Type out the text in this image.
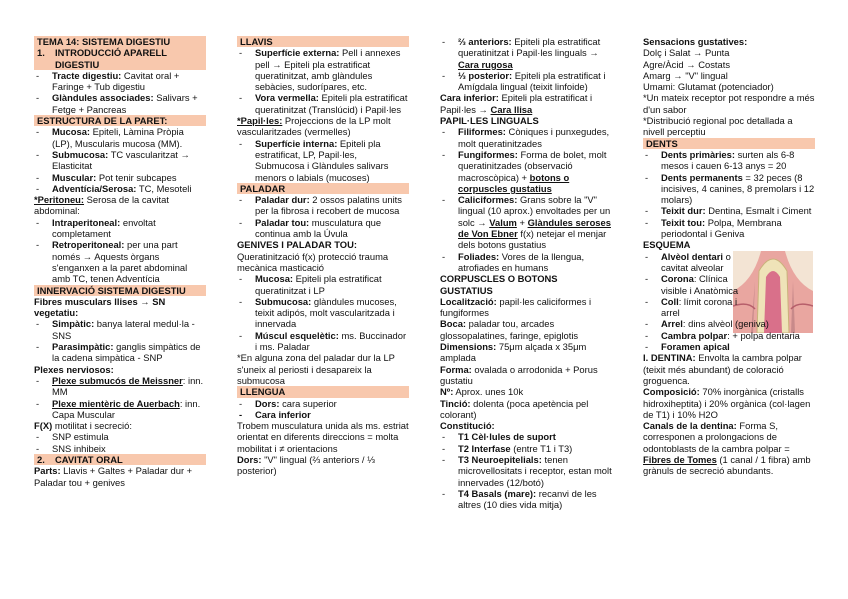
TEMA 14: SISTEMA DIGESTIU
1.	INTRODUCCIÓ APARELL DIGESTIU
- Tracte digestiu: Cavitat oral + Faringe + Tub digestiu
- Glàndules associades: Salivars + Fetge + Pancreas
ESTRUCTURA DE LA PARET:
- Mucosa: Epiteli, Làmina Pròpia (LP), Muscularis mucosa (MM).
- Submucosa: TC vascularitzat → Elasticitat
- Muscular: Pot tenir subcapes
- Adventícia/Serosa: TC, Mesoteli
*Peritoneu: Serosa de la cavitat abdominal:
- Intraperitoneal: envoltat completament
- Retroperitoneal: per una part només → Aquests òrgans s'enganxen a la paret abdominal amb TC, tenen Adventícia
INNERVACIÓ SISTEMA DIGESTIU
Fibres musculars llises → SN vegetatiu:
- Simpàtic: banya lateral medul·la - SNS
- Parasimpàtic: ganglis simpàtics de la cadena simpàtica - SNP
Plexes nerviosos:
- Plexe submucós de Meissner: inn. MM
- Plexe mientèric de Auerbach: inn. Capa Muscular
F(X) motilitat i secreció:
- SNP estimula
- SNS inhibeix
2.	CAVITAT ORAL
Parts: Llavis + Galtes + Paladar dur + Paladar tou + genives
LLAVIS
- Superfície externa: Pell i annexes pell → Epiteli pla estratificat queratinitzat, amb glàndules sebàcies, sudorípares, etc.
- Vora vermella: Epiteli pla estratificat queratinitzat (Translúcid) i Papil·les
*Papil·les: Projeccions de la LP molt vascularitzades (vermelles)
- Superfície interna: Epiteli pla estratificat, LP, Papil·les, Submucosa i Glàndules salivars menors o labials (mucoses)
PALADAR
- Paladar dur: 2 ossos palatins units per la fibrosa i recobert de mucosa
- Paladar tou: musculatura que continua amb la Úvula
GENIVES I PALADAR TOU:
Queratinització f(x) protecció trauma mecànica masticació
- Mucosa: Epiteli pla estratificat queratinitzat i LP
- Submucosa: glàndules mucoses, teixit adipós, molt vascularitzada i innervada
- Múscul esquelètic: ms. Buccinador i ms. Paladar
*En alguna zona del paladar dur la LP s'uneix al periosti i desapareix la submucosa
LLENGUA
- Dors: cara superior
- Cara inferior
Trobem musculatura unida als ms. estriat orientat en diferents direccions = molta mobilitat i ≠ orientacions
Dors: "V" lingual (⅔ anteriors / ⅓ posterior)
- ⅔ anteriors: Epiteli pla estratificat queratinitzat i Papil·les linguals → Cara rugosa
- ⅓ posterior: Epiteli pla estratificat i Amígdala lingual (teixit linfoide)
Cara inferior: Epiteli pla estratificat i Papil·les → Cara llisa
PAPIL·LES LINGUALS
- Filiformes: Còniques i punxegudes, molt queratinitzades
- Fungiformes: Forma de bolet, molt queratinitzades (observació macroscòpica) + botons o corpuscles gustatius
- Caliciformes: Grans sobre la "V" lingual (10 aprox.) envoltades per un solc → Valum + Glàndules seroses de Von Ebner f(x) netejar el menjar dels botons gustatius
- Foliades: Vores de la llengua, atrofiades en humans
CORPUSCLES O BOTONS GUSTATIUS
Localització: papil·les caliciformes i fungiformes
Boca: paladar tou, arcades glossopalatines, faringe, epiglotis
Dimensions: 75μm alçada x 35μm amplada
Forma: ovalada o arrodonida + Porus gustatiu
Nº: Aprox. unes 10k
Tinció: dolenta (poca apetència pel colorant)
Constitució:
- T1 Cèl·lules de suport
- T2 Interfase (entre T1 i T3)
- T3 Neuroepitelials: tenen microvellositats i receptor, estan molt innervades (12/botó)
- T4 Basals (mare): recanvi de les altres (10 dies vida mitja)
Sensacions gustatives:
Dolç i Salat → Punta
Agre/Àcid → Costats
Amarg → "V" lingual
Umami: Glutamat (potenciador)
*Un mateix receptor pot respondre a més d'un sabor
*Distribució regional poc detallada a nivell perceptiu
DENTS
- Dents primàries: surten als 6-8 mesos i cauen 6-13 anys = 20
- Dents permanents = 32 peces (8 incisives, 4 canines, 8 premolars i 12 molars)
- Teixit dur: Dentina, Esmalt i Ciment
- Teixit tou: Polpa, Membrana periodontal i Geniva
ESQUEMA
- Alvèol dentari o cavitat alveolar
- Corona: Clínica visible i Anatòmica
- Coll: límit corona i arrel
- Arrel: dins alvèol (geniva)
- Cambra polpar: + polpa dentaria
- Foramen apical
I. DENTINA: Envolta la cambra polpar (teixit més abundant) de coloració groguenca.
Composició: 70% inorgànica (cristalls hidroxiheptita) i 20% orgànica (col·lagen de T1) i 10% H2O
Canals de la dentina: Forma S, corresponen a prolongacions de odontoblasts de la cambra polpar = Fibres de Tomes (1 canal / 1 fibra) amb grànuls de secreció abundants.
